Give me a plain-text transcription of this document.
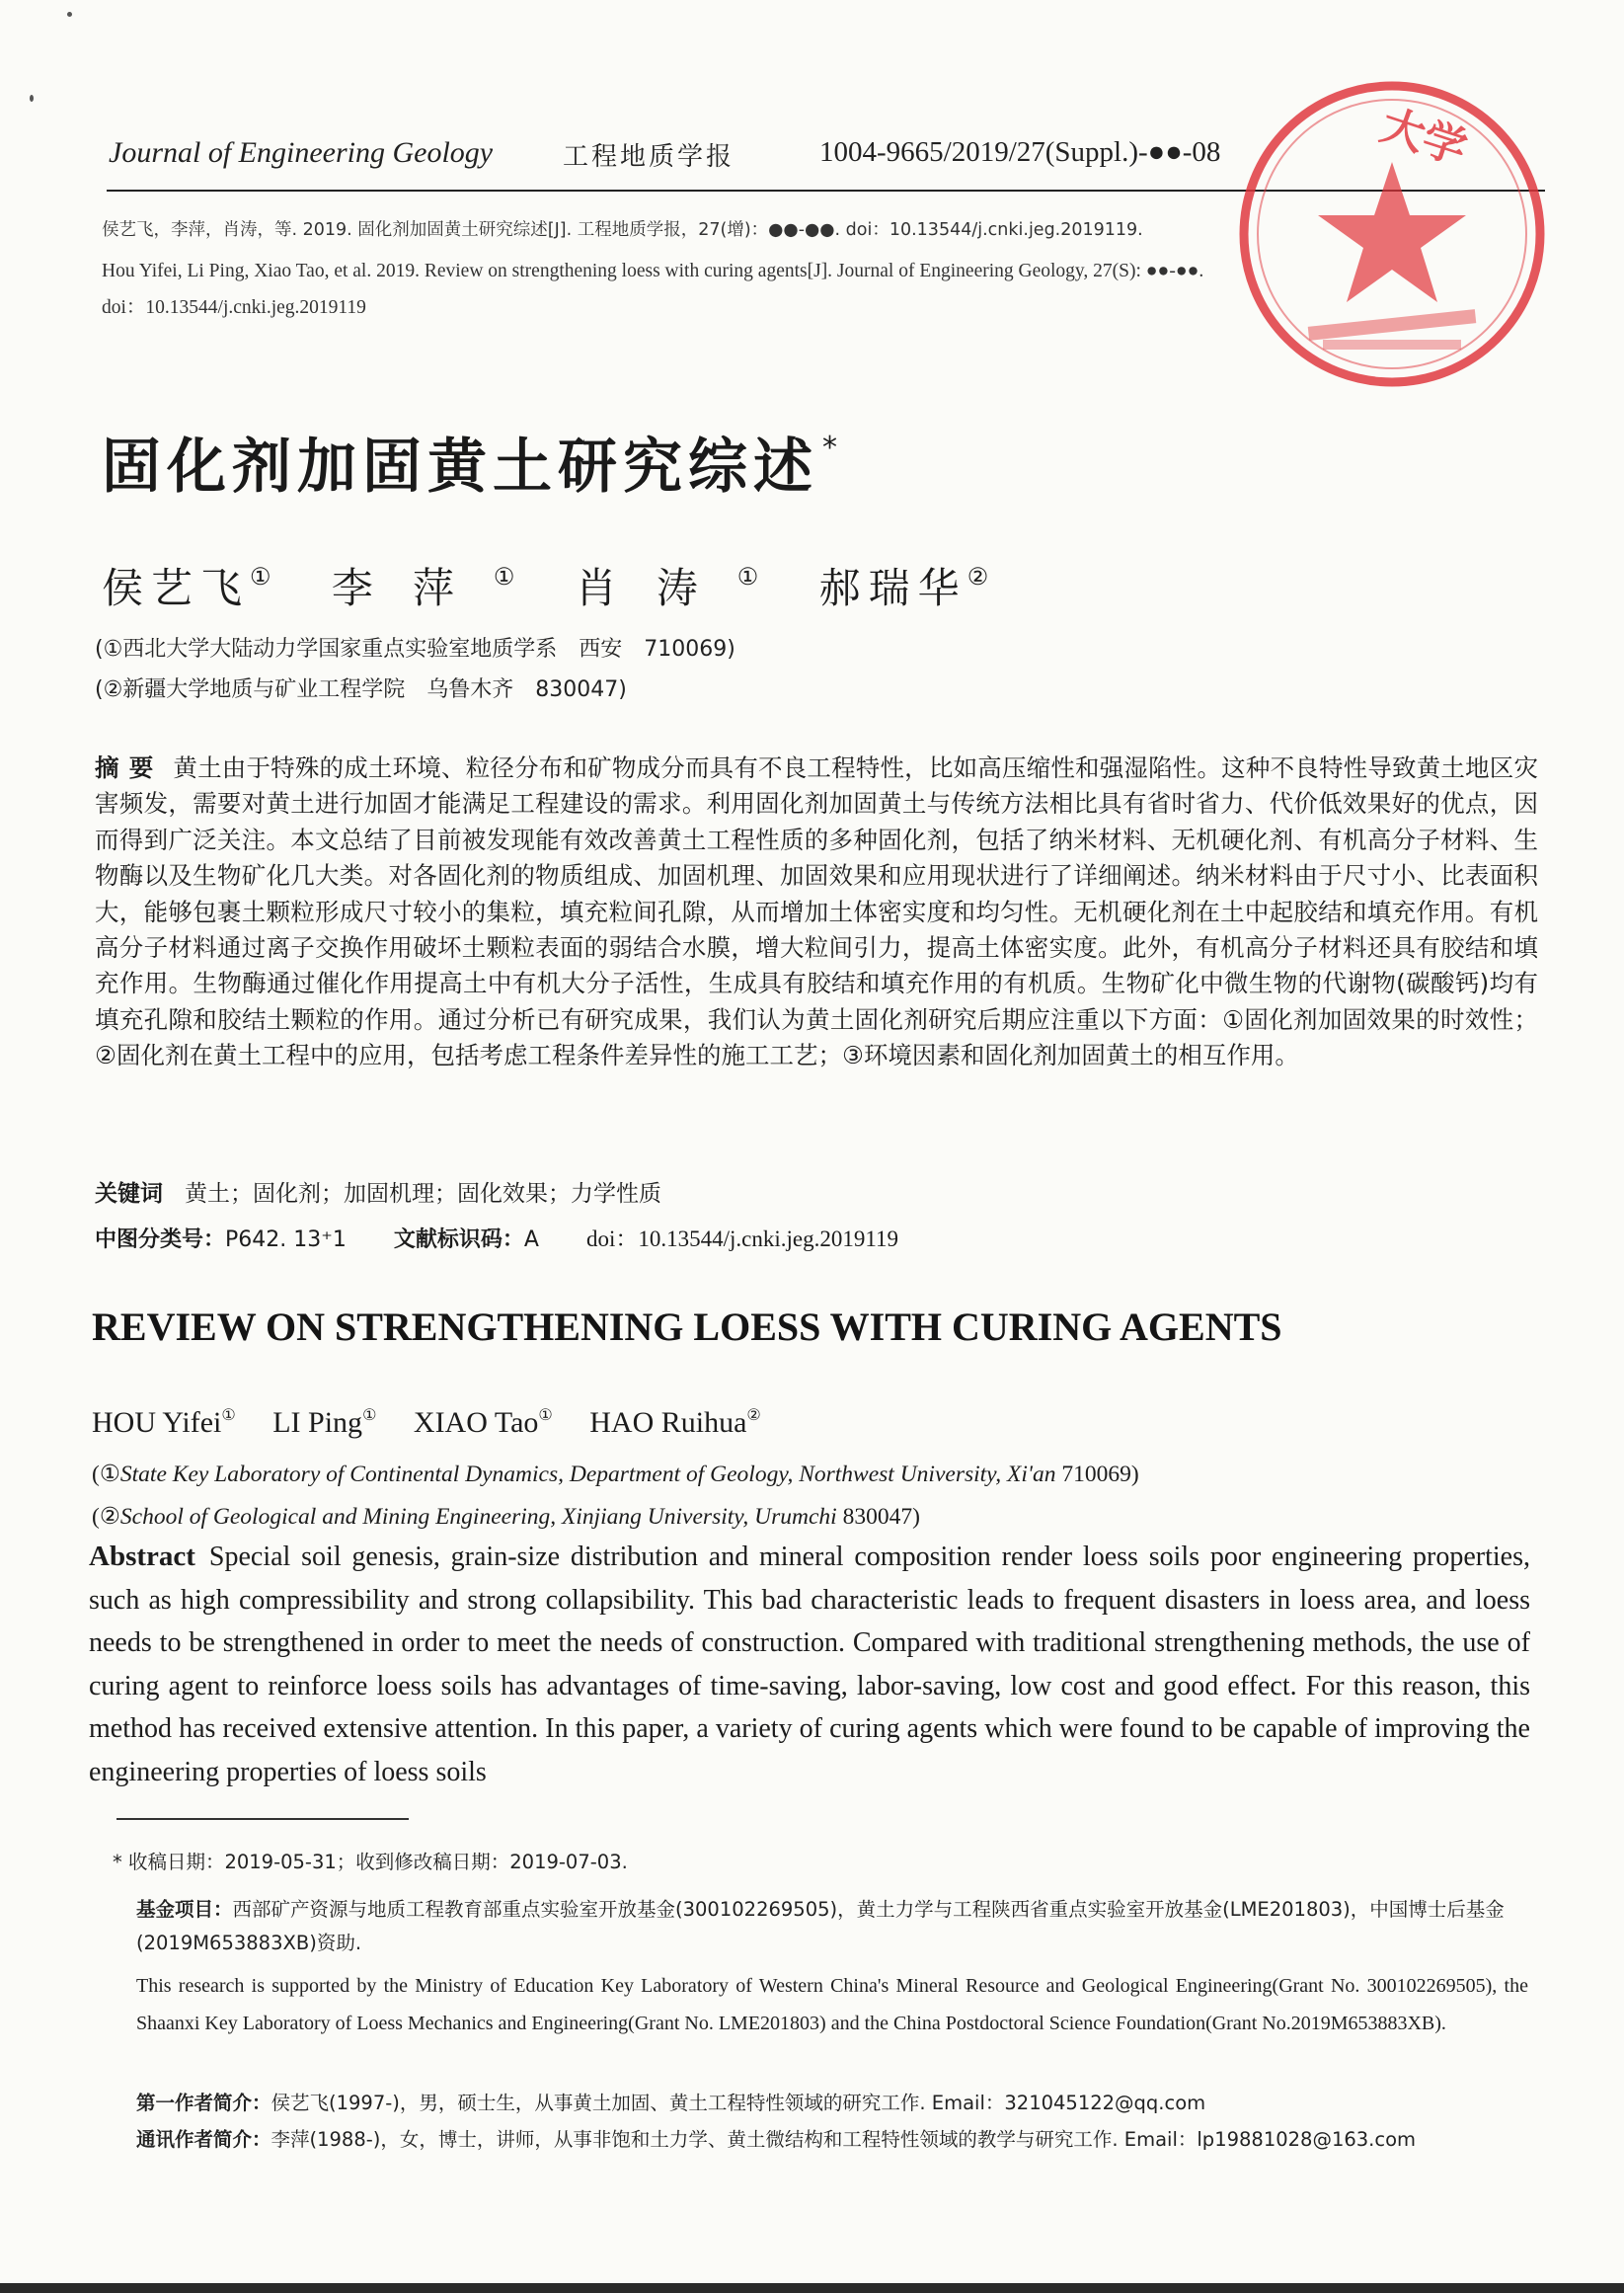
Journal of Engineering Geology	工程地质学报	1004-9665/2019/27(Suppl.)-●●-08
侯艺飞，李萍，肖涛，等. 2019. 固化剂加固黄土研究综述[J]. 工程地质学报，27(增)：●●-●●. doi：10.13544/j.cnki.jeg.2019119.
Hou Yifei, Li Ping, Xiao Tao, et al. 2019. Review on strengthening loess with curing agents[J]. Journal of Engineering Geology, 27(S): ●●-●●.
doi：10.13544/j.cnki.jeg.2019119
大学
固化剂加固黄土研究综述 *
侯艺飞① 李萍① 肖涛① 郝瑞华②
(①西北大学大陆动力学国家重点实验室地质学系　西安　710069)
(②新疆大学地质与矿业工程学院　乌鲁木齐　830047)
摘要 黄土由于特殊的成土环境、粒径分布和矿物成分而具有不良工程特性，比如高压缩性和强湿陷性。这种不良特性导致黄土地区灾害频发，需要对黄土进行加固才能满足工程建设的需求。利用固化剂加固黄土与传统方法相比具有省时省力、代价低效果好的优点，因而得到广泛关注。本文总结了目前被发现能有效改善黄土工程性质的多种固化剂，包括了纳米材料、无机硬化剂、有机高分子材料、生物酶以及生物矿化几大类。对各固化剂的物质组成、加固机理、加固效果和应用现状进行了详细阐述。纳米材料由于尺寸小、比表面积大，能够包裹土颗粒形成尺寸较小的集粒，填充粒间孔隙，从而增加土体密实度和均匀性。无机硬化剂在土中起胶结和填充作用。有机高分子材料通过离子交换作用破坏土颗粒表面的弱结合水膜，增大粒间引力，提高土体密实度。此外，有机高分子材料还具有胶结和填充作用。生物酶通过催化作用提高土中有机大分子活性，生成具有胶结和填充作用的有机质。生物矿化中微生物的代谢物(碳酸钙)均有填充孔隙和胶结土颗粒的作用。通过分析已有研究成果，我们认为黄土固化剂研究后期应注重以下方面：①固化剂加固效果的时效性；②固化剂在黄土工程中的应用，包括考虑工程条件差异性的施工工艺；③环境因素和固化剂加固黄土的相互作用。
关键词 黄土；固化剂；加固机理；固化效果；力学性质
中图分类号：P642. 13⁺1 文献标识码：A doi：10.13544/j.cnki.jeg.2019119
REVIEW ON STRENGTHENING LOESS WITH CURING AGENTS
HOU Yifei① LI Ping① XIAO Tao① HAO Ruihua②
(①State Key Laboratory of Continental Dynamics, Department of Geology, Northwest University, Xi'an 710069)
(②School of Geological and Mining Engineering, Xinjiang University, Urumchi 830047)
Abstract Special soil genesis, grain-size distribution and mineral composition render loess soils poor engineering properties, such as high compressibility and strong collapsibility. This bad characteristic leads to frequent disasters in loess area, and loess needs to be strengthened in order to meet the needs of construction. Compared with traditional strengthening methods, the use of curing agent to reinforce loess soils has advantages of time-saving, labor-saving, low cost and good effect. For this reason, this method has received extensive attention. In this paper, a variety of curing agents which were found to be capable of improving the engineering properties of loess soils
* 收稿日期：2019-05-31；收到修改稿日期：2019-07-03.
基金项目：西部矿产资源与地质工程教育部重点实验室开放基金(300102269505)，黄土力学与工程陕西省重点实验室开放基金(LME201803)，中国博士后基金(2019M653883XB)资助.
This research is supported by the Ministry of Education Key Laboratory of Western China's Mineral Resource and Geological Engineering(Grant No. 300102269505), the Shaanxi Key Laboratory of Loess Mechanics and Engineering(Grant No. LME201803) and the China Postdoctoral Science Foundation(Grant No.2019M653883XB).
第一作者简介：侯艺飞(1997-)，男，硕士生，从事黄土加固、黄土工程特性领域的研究工作. Email：321045122@qq.com
通讯作者简介：李萍(1988-)，女，博士，讲师，从事非饱和土力学、黄土微结构和工程特性领域的教学与研究工作. Email：lp19881028@163.com
